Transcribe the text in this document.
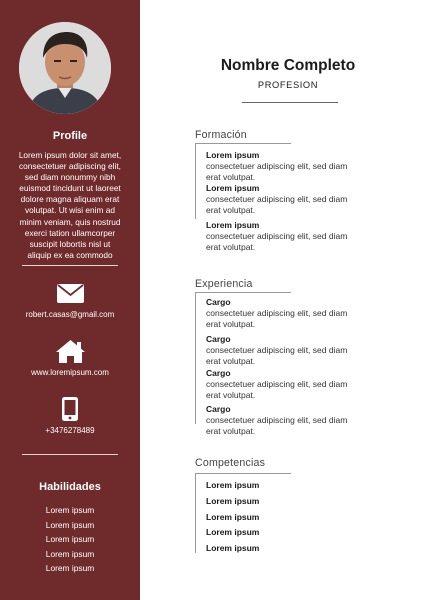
Profile
Lorem ipsum dolor sit amet,
consectetuer adipiscing elit,
sed diam nonummy nibh
euismod tincidunt ut laoreet
dolore magna aliquam erat
volutpat. Ut wisi enim ad
minim veniam, quis nostrud
exerci tation ullamcorper
suscipit lobortis nisl ut
aliquip ex ea commodo
robert.casas@gmail.com
www.loremipsum.com
+3476278489
Habilidades
Lorem ipsum
Lorem ipsum
Lorem ipsum
Lorem ipsum
Lorem ipsum
Nombre Completo
PROFESION
Formación
Lorem ipsum
consectetuer adipiscing elit, sed diam
erat volutpat.
Lorem ipsum
consectetuer adipiscing elit, sed diam
erat volutpat.
Lorem ipsum
consectetuer adipiscing elit, sed diam
erat volutpat.
Experiencia
Cargo
consectetuer adipiscing elit, sed diam
erat volutpat.
Cargo
consectetuer adipiscing elit, sed diam
erat volutpat.
Cargo
consectetuer adipiscing elit, sed diam
erat volutpat.
Cargo
consectetuer adipiscing elit, sed diam
erat volutpat.
Competencias
Lorem ipsum
Lorem ipsum
Lorem ipsum
Lorem ipsum
Lorem ipsum
